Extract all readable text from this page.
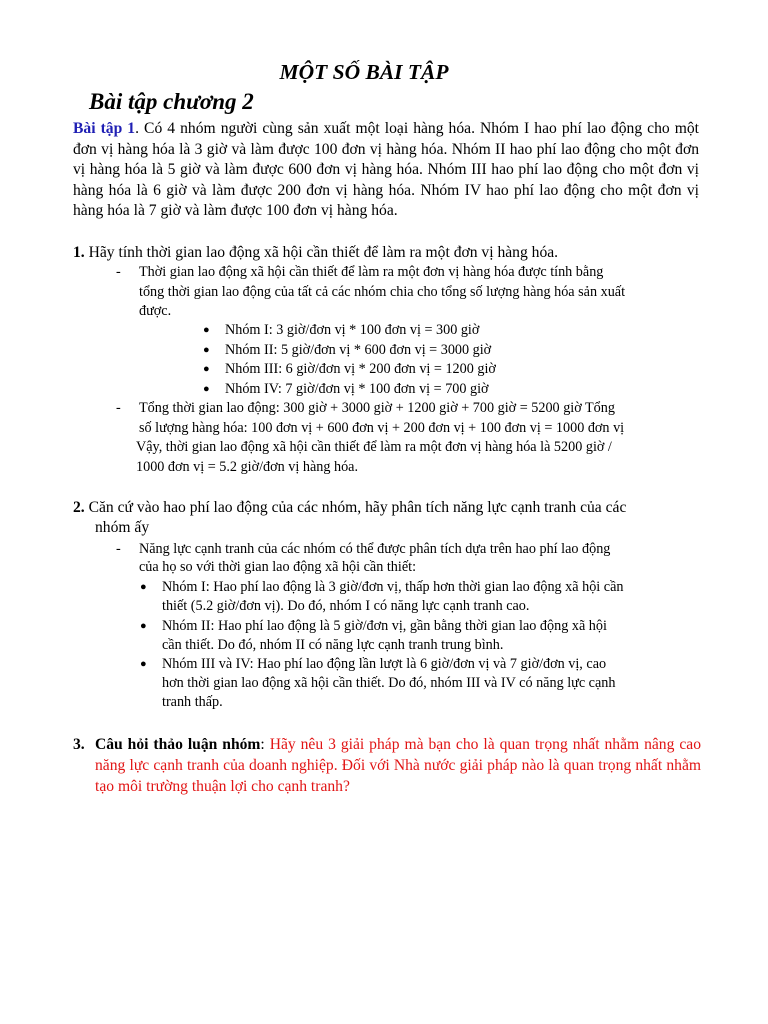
MỘT SỐ BÀI TẬP
Bài tập chương 2

Bài tập 1. Có 4 nhóm người cùng sản xuất một loại hàng hóa. Nhóm I hao phí lao động cho một đơn vị hàng hóa là 3 giờ và làm được 100 đơn vị hàng hóa. Nhóm II hao phí lao động cho một đơn vị hàng hóa là 5 giờ và làm được 600 đơn vị hàng hóa. Nhóm III hao phí lao động cho một đơn vị hàng hóa là 6 giờ và làm được 200 đơn vị hàng hóa. Nhóm IV hao phí lao động cho một đơn vị hàng hóa là 7 giờ và làm được 100 đơn vị hàng hóa.

1. Hãy tính thời gian lao động xã hội cần thiết để làm ra một đơn vị hàng hóa.
- Thời gian lao động xã hội cần thiết để làm ra một đơn vị hàng hóa được tính bằng
tổng thời gian lao động của tất cả các nhóm chia cho tổng số lượng hàng hóa sản xuất
được.
● Nhóm I: 3 giờ/đơn vị * 100 đơn vị = 300 giờ
● Nhóm II: 5 giờ/đơn vị * 600 đơn vị = 3000 giờ
● Nhóm III: 6 giờ/đơn vị * 200 đơn vị = 1200 giờ
● Nhóm IV: 7 giờ/đơn vị * 100 đơn vị = 700 giờ
- Tổng thời gian lao động: 300 giờ + 3000 giờ + 1200 giờ + 700 giờ = 5200 giờ Tổng
số lượng hàng hóa: 100 đơn vị + 600 đơn vị + 200 đơn vị + 100 đơn vị = 1000 đơn vị
Vậy, thời gian lao động xã hội cần thiết để làm ra một đơn vị hàng hóa là 5200 giờ /
1000 đơn vị = 5.2 giờ/đơn vị hàng hóa.
2. Căn cứ vào hao phí lao động của các nhóm, hãy phân tích năng lực cạnh tranh của các
nhóm ấy
- Năng lực cạnh tranh của các nhóm có thể được phân tích dựa trên hao phí lao động
của họ so với thời gian lao động xã hội cần thiết:
● Nhóm I: Hao phí lao động là 3 giờ/đơn vị, thấp hơn thời gian lao động xã hội cần
thiết (5.2 giờ/đơn vị). Do đó, nhóm I có năng lực cạnh tranh cao.
● Nhóm II: Hao phí lao động là 5 giờ/đơn vị, gần bằng thời gian lao động xã hội
cần thiết. Do đó, nhóm II có năng lực cạnh tranh trung bình.
● Nhóm III và IV: Hao phí lao động lần lượt là 6 giờ/đơn vị và 7 giờ/đơn vị, cao
hơn thời gian lao động xã hội cần thiết. Do đó, nhóm III và IV có năng lực cạnh
tranh thấp.

3. Câu hỏi thảo luận nhóm: Hãy nêu 3 giải pháp mà bạn cho là quan trọng nhất nhằm nâng cao năng lực cạnh tranh của doanh nghiệp. Đối với Nhà nước giải pháp nào là quan trọng nhất nhằm tạo môi trường thuận lợi cho cạnh tranh?
